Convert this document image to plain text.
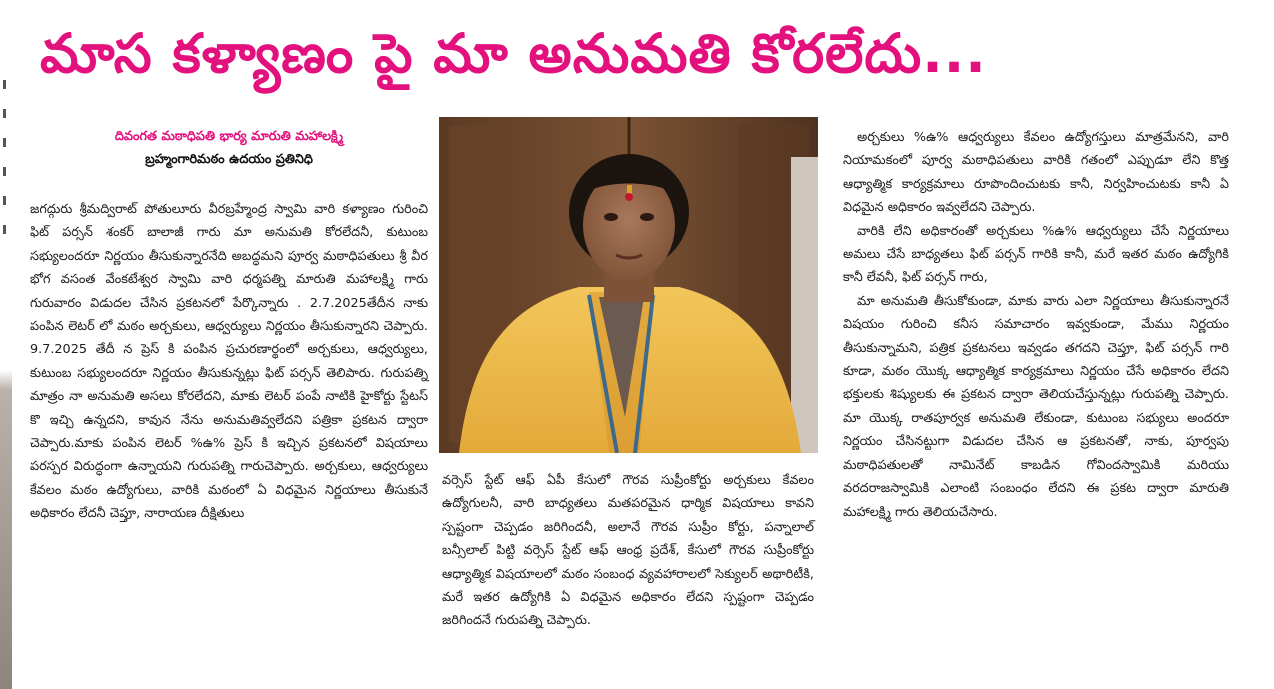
మాస కళ్యాణం పై మా అనుమతి కోరలేదు...
దివంగత మఠాధిపతి భార్య మారుతి మహాలక్ష్మి
బ్రహ్మంగారిమఠం ఉదయం ప్రతినిధి

జగద్గురు శ్రీమద్విరాట్ పోతులూరు వీరబ్రహ్మేంద్ర స్వామి వారి కళ్యాణం గురించి ఫిట్ పర్సన్ శంకర్ బాలాజీ గారు మా అనుమతి కోరలేదనీ, కుటుంబ సభ్యులందరూ నిర్ణయం తీసుకున్నారనేది అబద్ధమని పూర్వ మఠాధిపతులు శ్రీ వీర భోగ వసంత వేంకటేశ్వర స్వామి వారి ధర్మపత్ని మారుతి మహాలక్ష్మి గారు గురువారం విడుదల చేసిన ప్రకటనలో పేర్కొన్నారు . 2.7.2025తేదీన నాకు పంపిన లెటర్ లో మఠం అర్చకులు, ఆధ్వర్యులు నిర్ణయం తీసుకున్నారని చెప్పారు. 9.7.2025 తేదీ న ప్రెస్ కి పంపిన ప్రచురణార్థంలో అర్చకులు, ఆధ్వర్యులు, కుటుంబ సభ్యులందరూ నిర్ణయం తీసుకున్నట్లు ఫిట్ పర్సన్ తెలిపారు. గురుపత్ని మాత్రం నా అనుమతి అసలు కోరలేదని, మాకు లెటర్ పంపే నాటికి హైకోర్టు స్టేటస్ కొ ఇచ్చి ఉన్నదని, కావున నేను అనుమతివ్వలేదని పత్రికా ప్రకటన ద్వారా చెప్పారు.మాకు పంపిన లెటర్ %ఉ% ప్రెస్ కి ఇచ్చిన ప్రకటనలో విషయాలు పరస్పర విరుద్ధంగా ఉన్నాయని గురుపత్ని గారుచెప్పారు. అర్చకులు, ఆధ్వర్యులు కేవలం మఠం ఉద్యోగులు, వారికి మఠంలో ఏ విధమైన నిర్ణయాలు తీసుకునే అధికారం లేదనీ చెప్తూ, నారాయణ దీక్షితులు

వర్సెస్ స్టేట్ ఆఫ్ ఏపీ కేసులో గౌరవ సుప్రీంకోర్టు అర్చకులు కేవలం ఉద్యోగులనీ, వారి బాధ్యతలు మతపరమైన ధార్మిక విషయాలు కావని స్పష్టంగా చెప్పడం జరిగిందనీ, అలానే గౌరవ సుప్రీం కోర్టు, పన్నాలాల్ బన్సీలాల్ పిట్టి వర్సెస్ స్టేట్ ఆఫ్ ఆంధ్ర ప్రదేశ్, కేసులో గౌరవ సుప్రీంకోర్టు ఆధ్యాత్మిక విషయాలలో మఠం సంబంధ వ్యవహారాలలో సెక్యులర్ అథారిటీకి, మరే ఇతర ఉద్యోగికి ఏ విధమైన అధికారం లేదని స్పష్టంగా చెప్పడం జరిగిందనే గురుపత్ని చెప్పారు.

అర్చకులు %ఉ% ఆధ్వర్యులు కేవలం ఉద్యోగస్తులు మాత్రమేనని, వారి నియామకంలో పూర్వ మఠాధిపతులు వారికి గతంలో ఎప్పుడూ లేని కొత్త ఆధ్యాత్మిక కార్యక్రమాలు రూపొందించుటకు కానీ, నిర్వహించుటకు కానీ ఏ విధమైన అధికారం ఇవ్వలేదని చెప్పారు.

వారికి లేని అధికారంతో అర్చకులు %ఉ% ఆధ్వర్యులు చేసే నిర్ణయాలు అమలు చేసే బాధ్యతలు ఫిట్ పర్సన్ గారికి కానీ, మరే ఇతర మఠం ఉద్యోగికి కానీ లేవనీ, ఫిట్ పర్సన్ గారు,

మా అనుమతి తీసుకోకుండా, మాకు వారు ఎలా నిర్ణయాలు తీసుకున్నారనే విషయం గురించి కనీస సమాచారం ఇవ్వకుండా, మేము నిర్ణయం తీసుకున్నామని, పత్రిక ప్రకటనలు ఇవ్వడం తగదని చెప్తూ, ఫిట్ పర్సన్ గారి కూడా, మఠం యొక్క ఆధ్యాత్మిక కార్యక్రమాలు నిర్ణయం చేసే అధికారం లేదని భక్తులకు శిష్యులకు ఈ ప్రకటన ద్వారా తెలియచేస్తున్నట్లు గురుపత్ని చెప్పారు. మా యొక్క రాతపూర్వక అనుమతి లేకుండా, కుటుంబ సభ్యులు అందరూ నిర్ణయం చేసినట్టుగా విడుదల చేసిన ఆ ప్రకటనతో, నాకు, పూర్వపు మఠాధిపతులతో నామినేట్ కాబడిన గోవిందస్వామికి మరియు వరదరాజస్వామికి ఎలాంటి సంబంధం లేదని ఈ ప్రకట ద్వారా మారుతి మహాలక్ష్మి గారు తెలియచేసారు.
